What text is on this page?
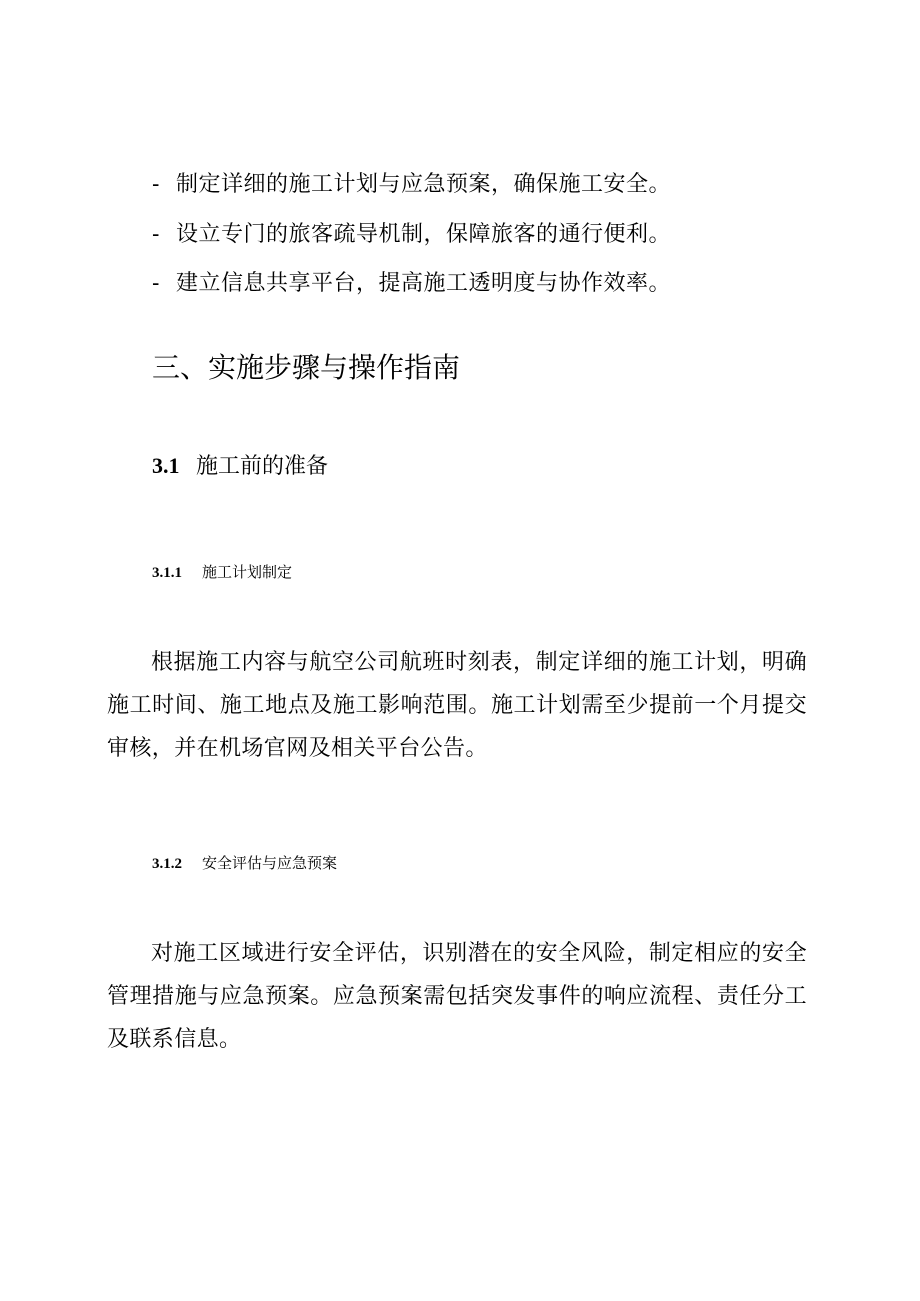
- 制定详细的施工计划与应急预案，确保施工安全。
- 设立专门的旅客疏导机制，保障旅客的通行便利。
- 建立信息共享平台，提高施工透明度与协作效率。
三、实施步骤与操作指南
3.1 施工前的准备
3.1.1 施工计划制定
根据施工内容与航空公司航班时刻表，制定详细的施工计划，明确施工时间、施工地点及施工影响范围。施工计划需至少提前一个月提交审核，并在机场官网及相关平台公告。
3.1.2 安全评估与应急预案
对施工区域进行安全评估，识别潜在的安全风险，制定相应的安全管理措施与应急预案。应急预案需包括突发事件的响应流程、责任分工及联系信息。
